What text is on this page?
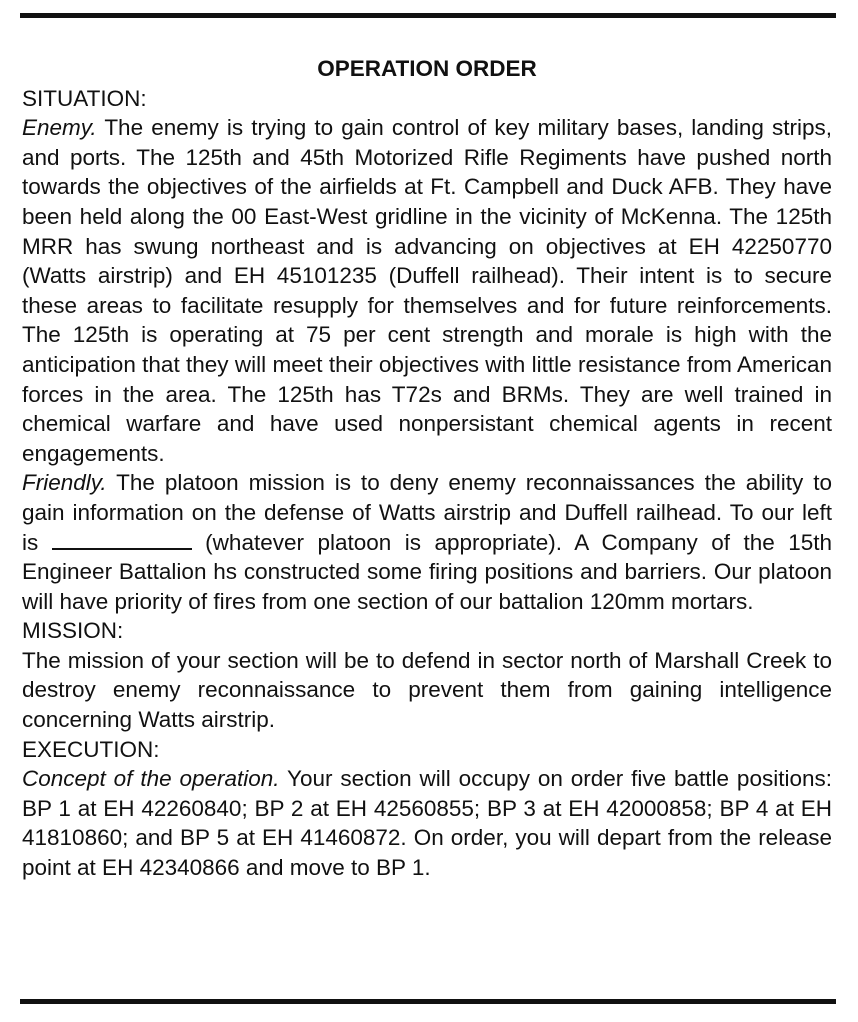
OPERATION ORDER

SITUATION:

Enemy. The enemy is trying to gain control of key military bases, landing strips, and ports. The 125th and 45th Motorized Rifle Regiments have pushed north towards the objectives of the airfields at Ft. Campbell and Duck AFB. They have been held along the 00 East-West gridline in the vicinity of McKenna. The 125th MRR has swung northeast and is advancing on objectives at EH 42250770 (Watts airstrip) and EH 45101235 (Duffell railhead). Their intent is to secure these areas to facilitate resupply for themselves and for future reinforcements. The 125th is operating at 75 per cent strength and morale is high with the anticipation that they will meet their objectives with little resistance from American forces in the area. The 125th has T72s and BRMs. They are well trained in chemical warfare and have used nonpersistant chemical agents in recent engagements.

Friendly. The platoon mission is to deny enemy reconnaissances the ability to gain information on the defense of Watts airstrip and Duffell railhead. To our left is	(whatever platoon is appropriate). A Company of the 15th Engineer Battalion hs constructed some firing positions and barriers. Our platoon will have priority of fires from one section of our battalion 120mm mortars.

MISSION:

The mission of your section will be to defend in sector north of Marshall Creek to destroy enemy reconnaissance to prevent them from gaining intelligence concerning Watts airstrip.

EXECUTION:

Concept of the operation. Your section will occupy on order five battle positions: BP 1 at EH 42260840; BP 2 at EH 42560855; BP 3 at EH 42000858; BP 4 at EH 41810860; and BP 5 at EH 41460872. On order, you will depart from the release point at EH 42340866 and move to BP 1.
